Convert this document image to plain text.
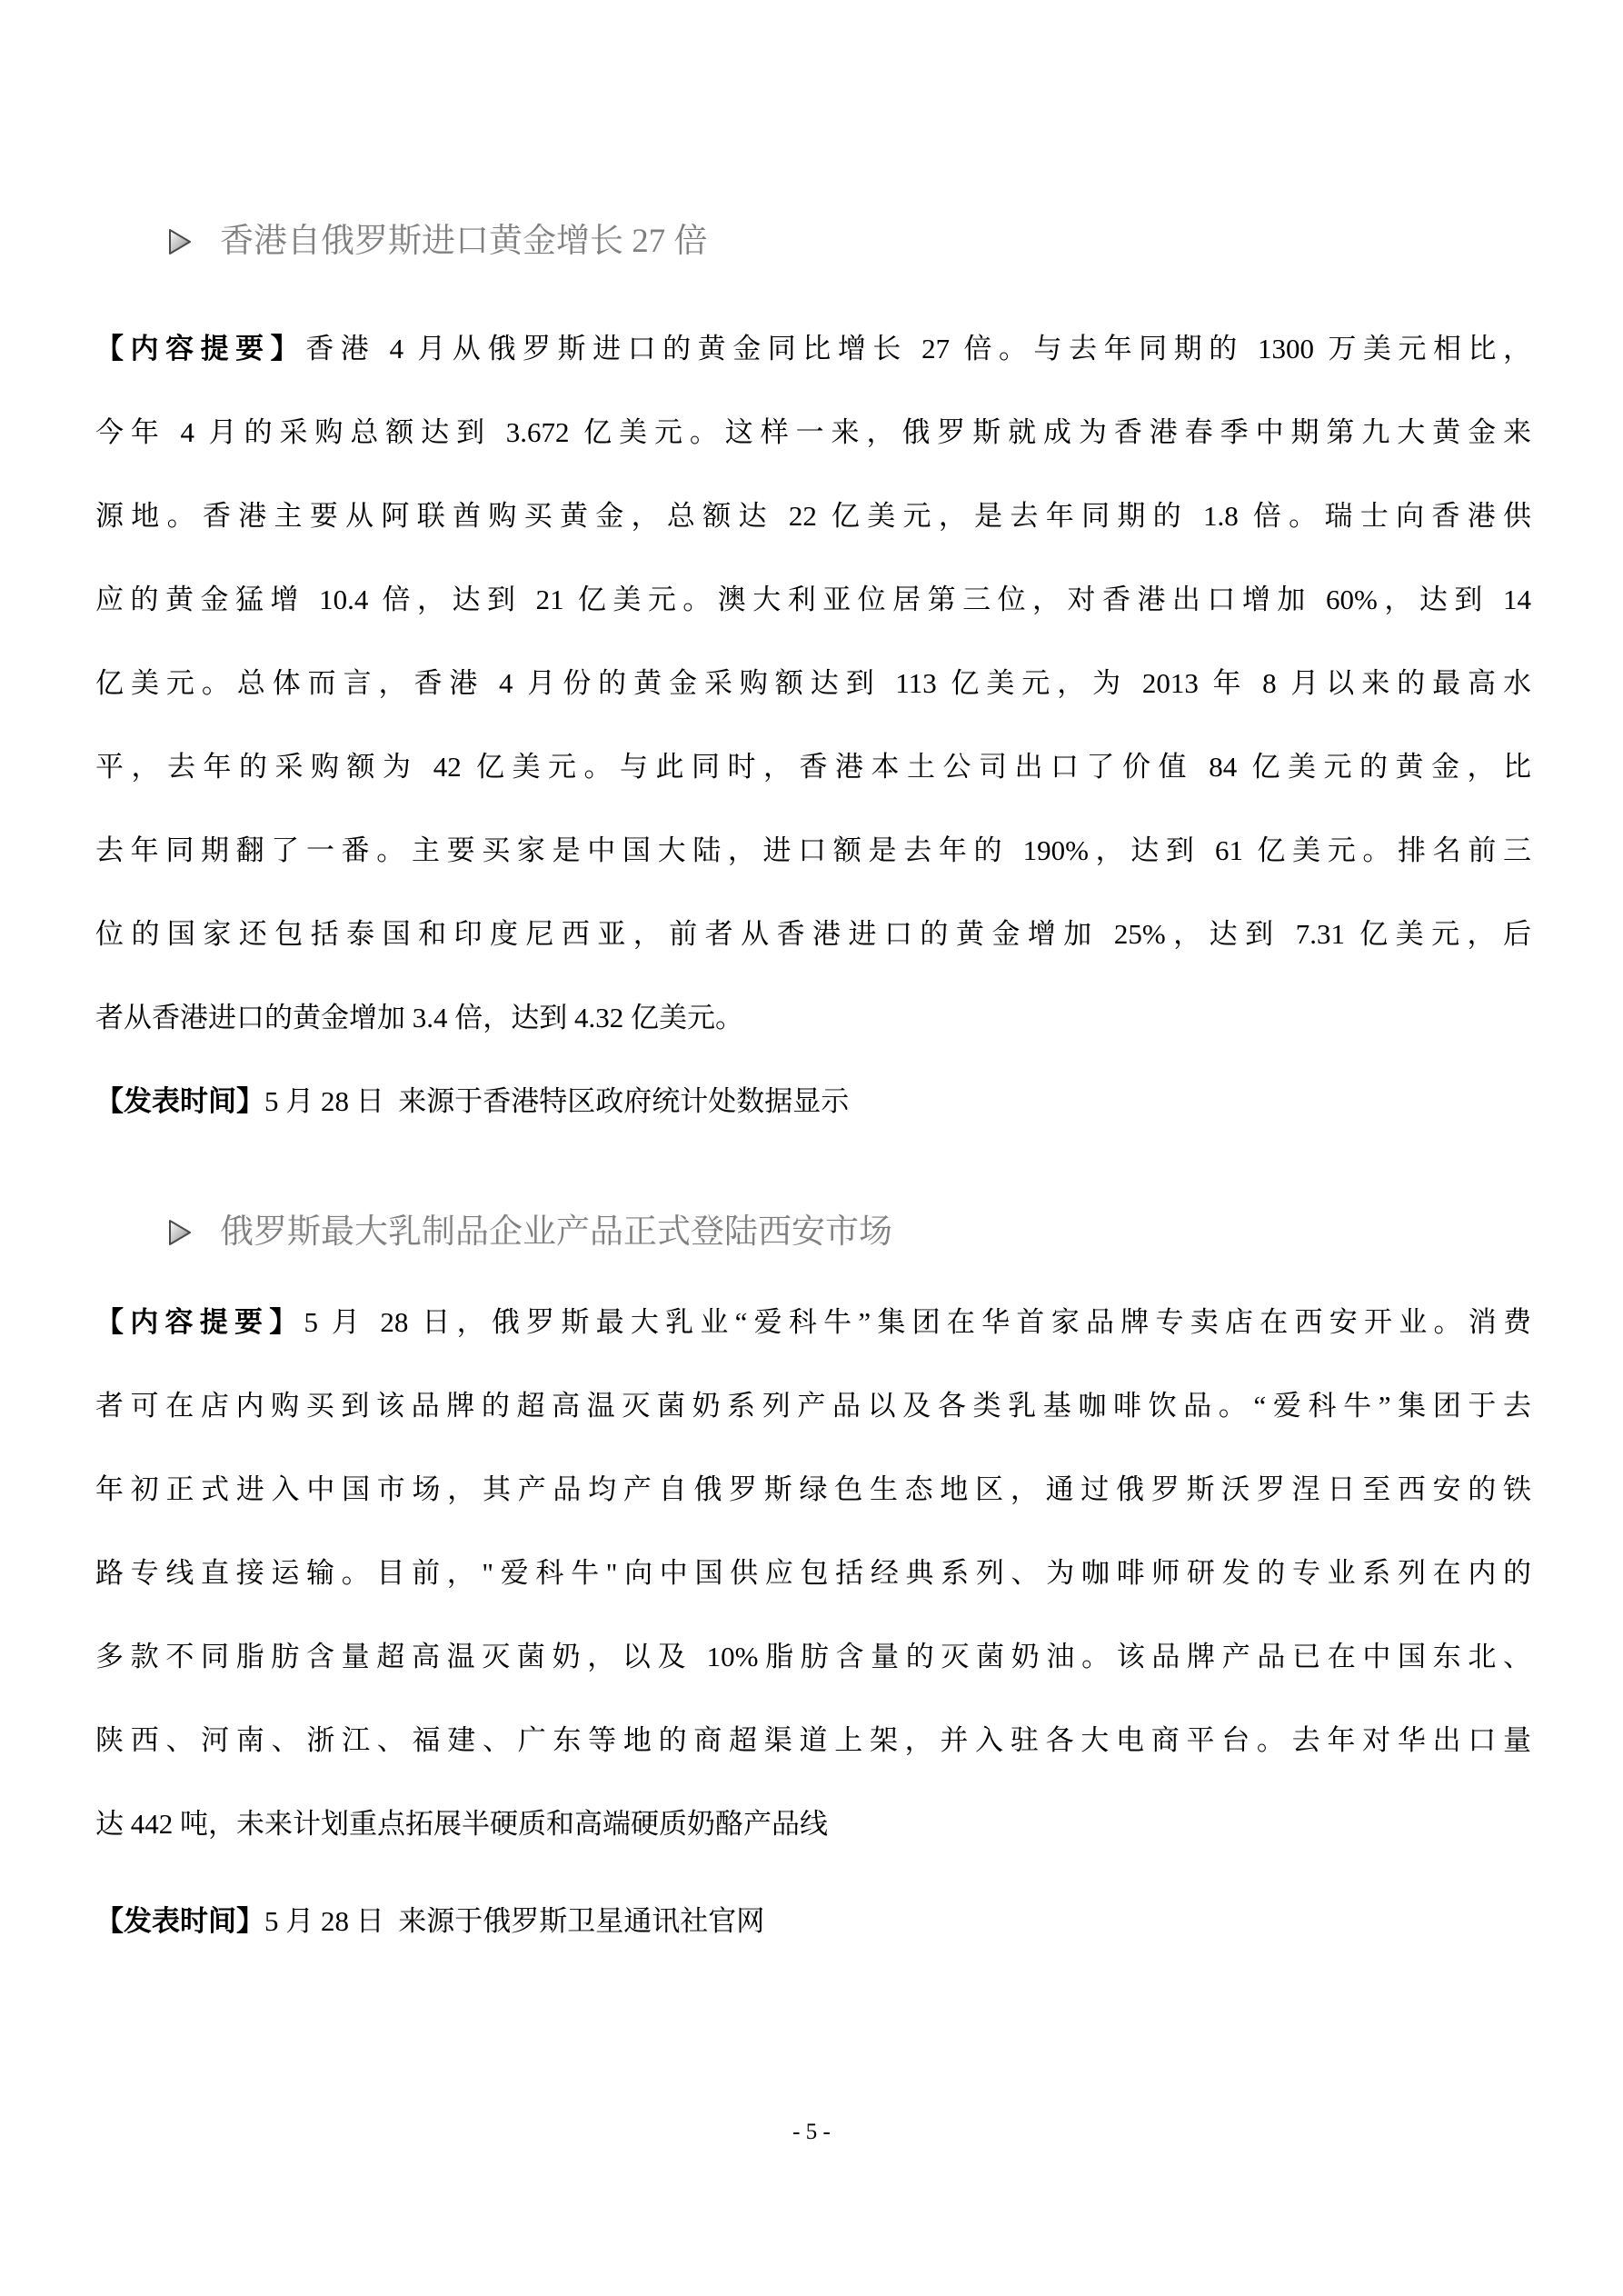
香港自俄罗斯进口黄金增长 27 倍
【内容提要】香港 4 月从俄罗斯进口的黄金同比增长 27 倍。与去年同期的 1300 万美元相比，
今年 4 月的采购总额达到 3.672 亿美元。这样一来，俄罗斯就成为香港春季中期第九大黄金来
源地。香港主要从阿联酋购买黄金，总额达 22 亿美元，是去年同期的 1.8 倍。瑞士向香港供
应的黄金猛增 10.4 倍，达到 21 亿美元。澳大利亚位居第三位，对香港出口增加 60%，达到 14
亿美元。总体而言，香港 4 月份的黄金采购额达到 113 亿美元，为 2013 年 8 月以来的最高水
平，去年的采购额为 42 亿美元。与此同时，香港本土公司出口了价值 84 亿美元的黄金，比
去年同期翻了一番。主要买家是中国大陆，进口额是去年的 190%，达到 61 亿美元。排名前三
位的国家还包括泰国和印度尼西亚，前者从香港进口的黄金增加 25%，达到 7.31 亿美元，后
者从香港进口的黄金增加 3.4 倍，达到 4.32 亿美元。
【发表时间】5 月 28 日  来源于香港特区政府统计处数据显示
俄罗斯最大乳制品企业产品正式登陆西安市场
【内容提要】5 月 28 日，俄罗斯最大乳业“爱科牛”集团在华首家品牌专卖店在西安开业。消费
者可在店内购买到该品牌的超高温灭菌奶系列产品以及各类乳基咖啡饮品。“爱科牛”集团于去
年初正式进入中国市场，其产品均产自俄罗斯绿色生态地区，通过俄罗斯沃罗涅日至西安的铁
路专线直接运输。目前，"爱科牛"向中国供应包括经典系列、为咖啡师研发的专业系列在内的
多款不同脂肪含量超高温灭菌奶，以及 10%脂肪含量的灭菌奶油。该品牌产品已在中国东北、
陕西、河南、浙江、福建、广东等地的商超渠道上架，并入驻各大电商平台。去年对华出口量
达 442 吨，未来计划重点拓展半硬质和高端硬质奶酪产品线
【发表时间】5 月 28 日  来源于俄罗斯卫星通讯社官网
- 5 -
